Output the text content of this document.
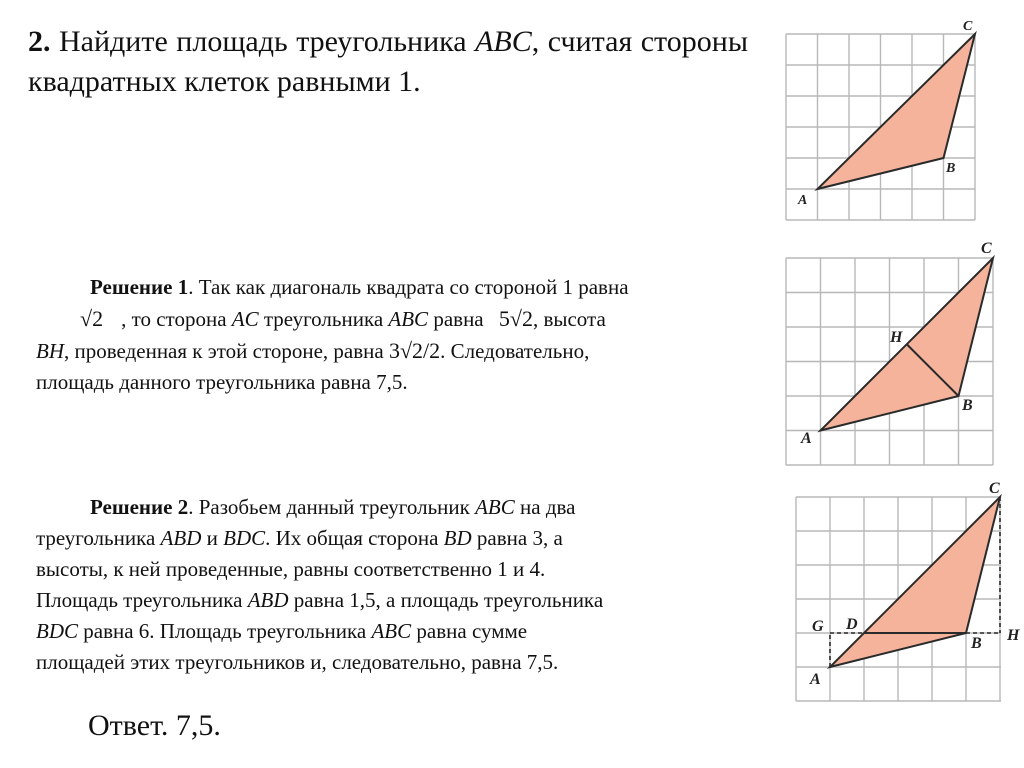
2. Найдите площадь треугольника ABC, считая стороны квадратных клеток равными 1.
A
B
C
Решение 1. Так как диагональ квадрата со стороной 1 равна
√2 , то сторона AC треугольника ABC равна 5√2, высота
BH, проведенная к этой стороне, равна 3√2/2. Следовательно,
площадь данного треугольника равна 7,5.
A
B
C
H
Решение 2. Разобьем данный треугольник ABC на два
треугольника ABD и BDC. Их общая сторона BD равна 3, а
высоты, к ней проведенные, равны соответственно 1 и 4.
Площадь треугольника ABD равна 1,5, а площадь треугольника
BDC равна 6. Площадь треугольника ABC равна сумме
площадей этих треугольников и, следовательно, равна 7,5.
A
B
C
D
G
H
Ответ. 7,5.
